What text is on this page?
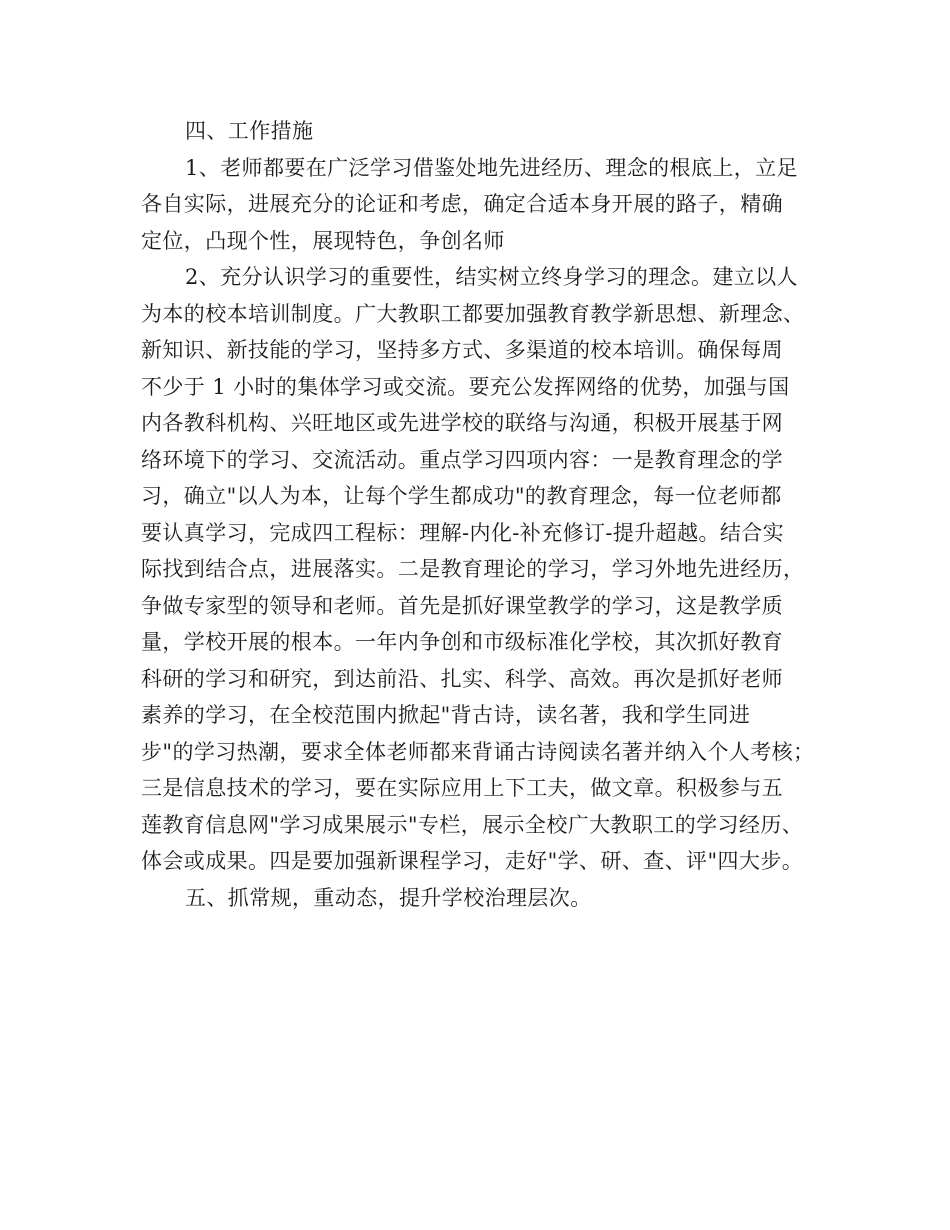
四、工作措施
1、老师都要在广泛学习借鉴处地先进经历、理念的根底上，立足
各自实际，进展充分的论证和考虑，确定合适本身开展的路子，精确
定位，凸现个性，展现特色，争创名师
2、充分认识学习的重要性，结实树立终身学习的理念。建立以人
为本的校本培训制度。广大教职工都要加强教育教学新思想、新理念、
新知识、新技能的学习，坚持多方式、多渠道的校本培训。确保每周
不少于 1 小时的集体学习或交流。要充公发挥网络的优势，加强与国
内各教科机构、兴旺地区或先进学校的联络与沟通，积极开展基于网
络环境下的学习、交流活动。重点学习四项内容：一是教育理念的学
习，确立"以人为本，让每个学生都成功"的教育理念，每一位老师都
要认真学习，完成四工程标：理解-内化-补充修订-提升超越。结合实
际找到结合点，进展落实。二是教育理论的学习，学习外地先进经历，
争做专家型的领导和老师。首先是抓好课堂教学的学习，这是教学质
量，学校开展的根本。一年内争创和市级标准化学校，其次抓好教育
科研的学习和研究，到达前沿、扎实、科学、高效。再次是抓好老师
素养的学习，在全校范围内掀起"背古诗，读名著，我和学生同进
步"的学习热潮，要求全体老师都来背诵古诗阅读名著并纳入个人考核；
三是信息技术的学习，要在实际应用上下工夫，做文章。积极参与五
莲教育信息网"学习成果展示"专栏，展示全校广大教职工的学习经历、
体会或成果。四是要加强新课程学习，走好"学、研、查、评"四大步。
五、抓常规，重动态，提升学校治理层次。
